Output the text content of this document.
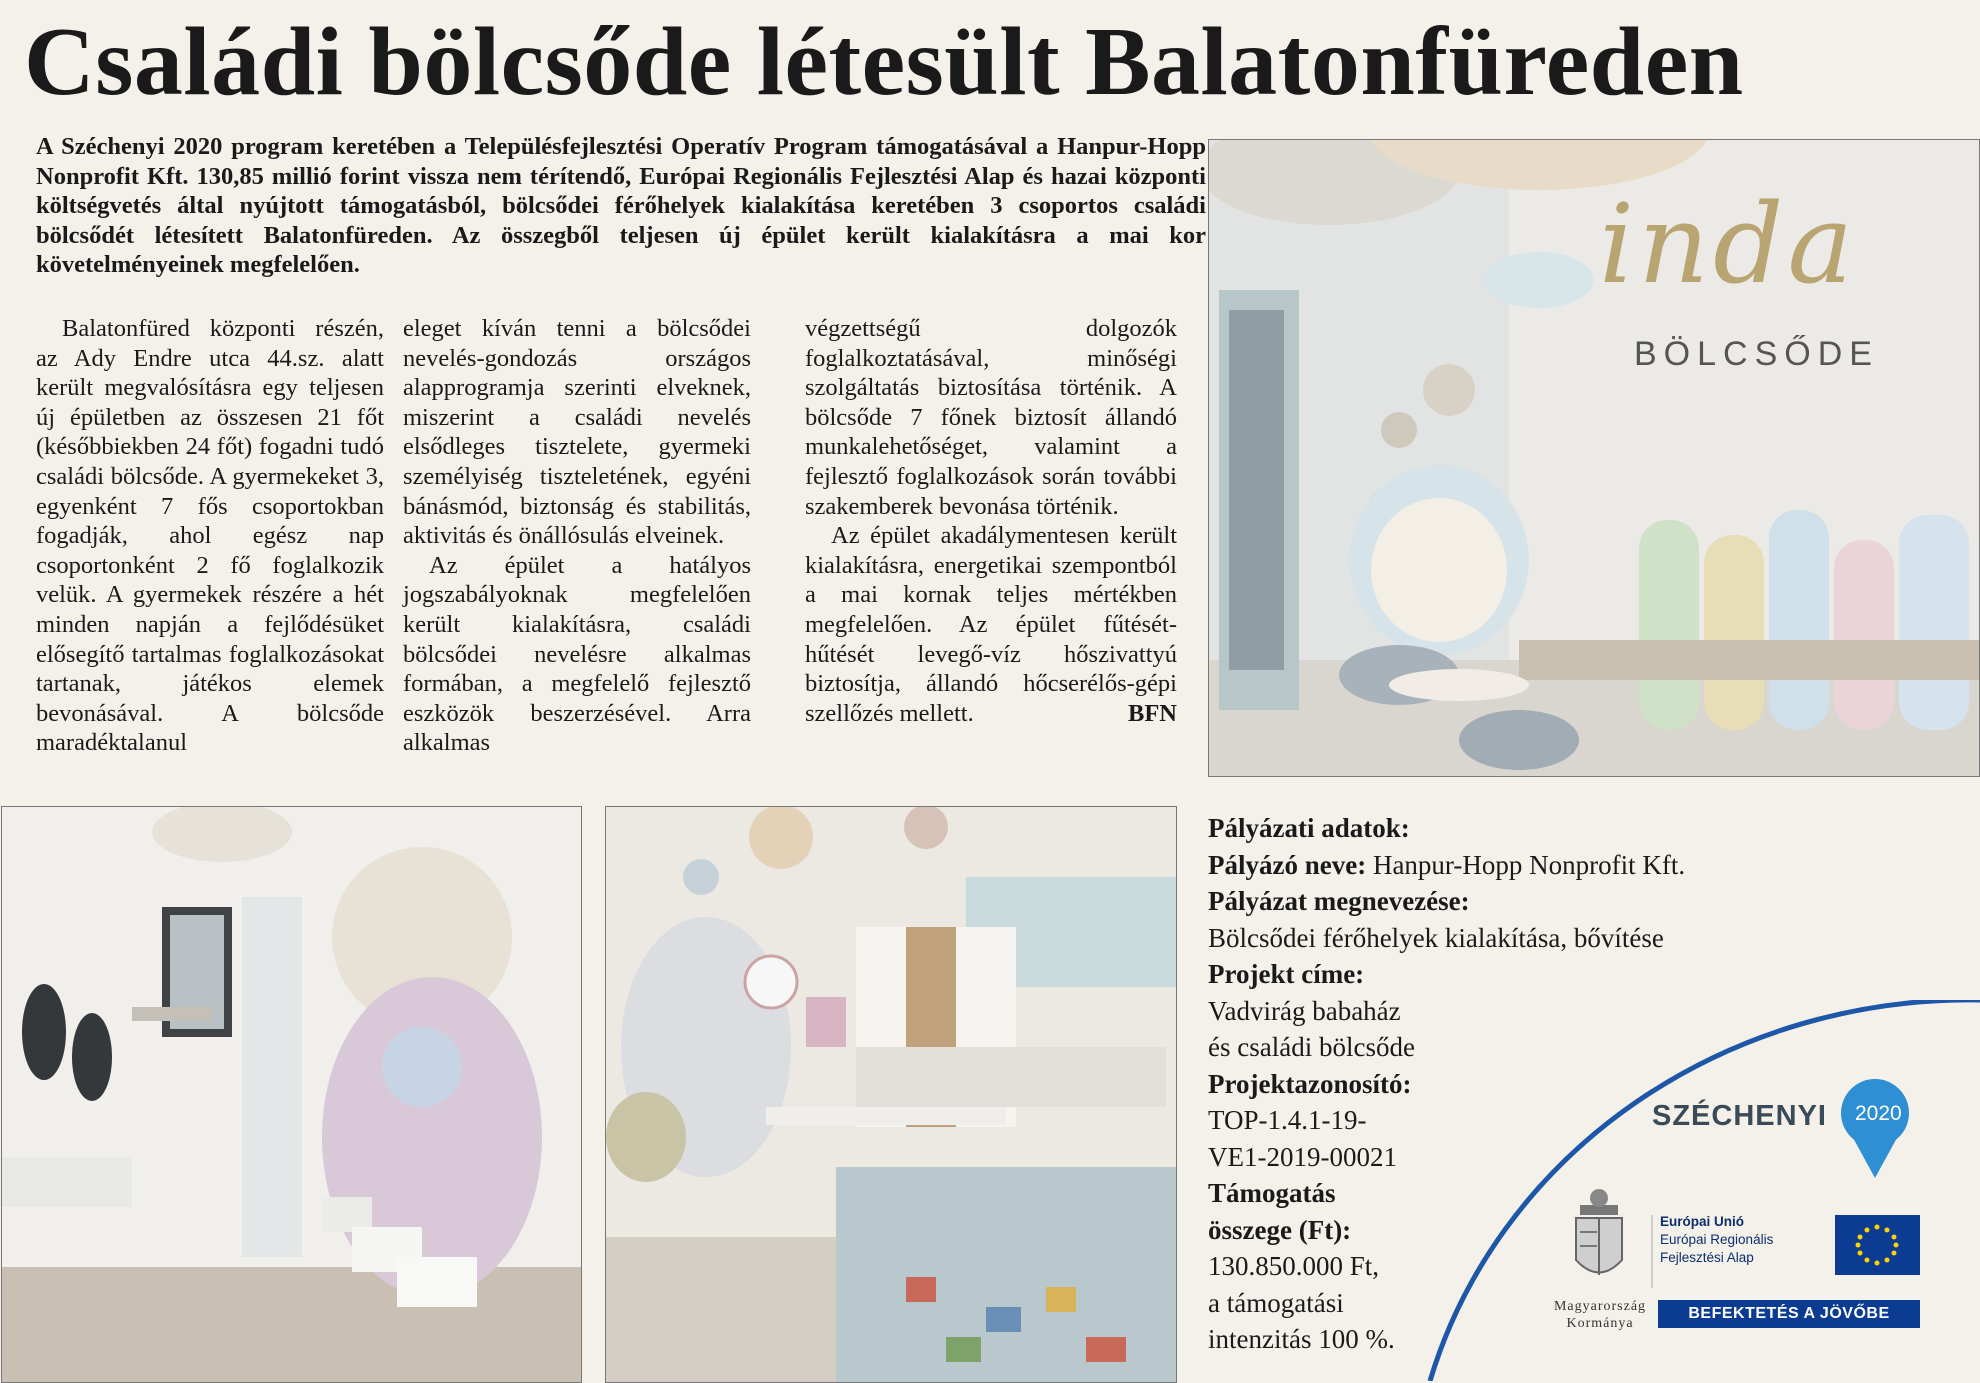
Családi bölcsőde létesült Balatonfüreden

A Széchenyi 2020 program keretében a Településfejlesztési Operatív Program támogatásával a Hanpur-Hopp Nonprofit Kft. 130,85 millió forint vissza nem térítendő, Európai Regionális Fejlesztési Alap és hazai központi költségvetés által nyújtott támogatásból, bölcsődei férőhelyek kialakítása keretében 3 csoportos családi bölcsődét létesített Balatonfüreden. Az összegből teljesen új épület került kialakításra a mai kor követelményeinek megfelelően.

Balatonfüred központi részén, az Ady Endre utca 44.sz. alatt került megvalósításra egy teljesen új épületben az összesen 21 főt (későbbiekben 24 főt) fogadni tudó családi bölcsőde. A gyermekeket 3, egyenként 7 fős csoportokban fogadják, ahol egész nap csoportonként 2 fő foglalkozik velük. A gyermekek részére a hét minden napján a fejlődésüket elősegítő tartalmas foglalkozásokat tartanak, játékos elemek bevonásával. A bölcsőde maradéktalanul

eleget kíván tenni a bölcsődei nevelés-gondozás országos alapprogramja szerinti elveknek, miszerint a családi nevelés elsődleges tisztelete, gyermeki személyiség tiszteletének, egyéni bánásmód, biztonság és stabilitás, aktivitás és önállósulás elveinek.

Az épület a hatályos jogszabályoknak megfelelően került kialakításra, családi bölcsődei nevelésre alkalmas formában, a megfelelő fejlesztő eszközök beszerzésével. Arra alkalmas

végzettségű dolgozók foglalkoztatásával, minőségi szolgáltatás biztosítása történik. A bölcsőde 7 főnek biztosít állandó munkalehetőséget, valamint a fejlesztő foglalkozások során további szakemberek bevonása történik.

Az épület akadálymentesen került kialakításra, energetikai szempontból a mai kornak teljes mértékben megfelelően. Az épület fűtését-hűtését levegő-víz hőszivattyú biztosítja, állandó hőcserélős-gépi szellőzés mellett.	BFN

inda
BÖLCSŐDE
Pályázati adatok:
Pályázó neve: Hanpur-Hopp Nonprofit Kft.
Pályázat megnevezése:
Bölcsődei férőhelyek kialakítása, bővítése
Projekt címe:
Vadvirág babaház
és családi bölcsőde
Projektazonosító:
TOP-1.4.1-19-
VE1-2019-00021
Támogatás
összege (Ft):
130.850.000 Ft,
a támogatási
intenzitás 100 %.
SZÉCHENYI 2020
Magyarország
Kormánya
Európai Unió
Európai Regionális
Fejlesztési Alap
BEFEKTETÉS A JÖVŐBE
